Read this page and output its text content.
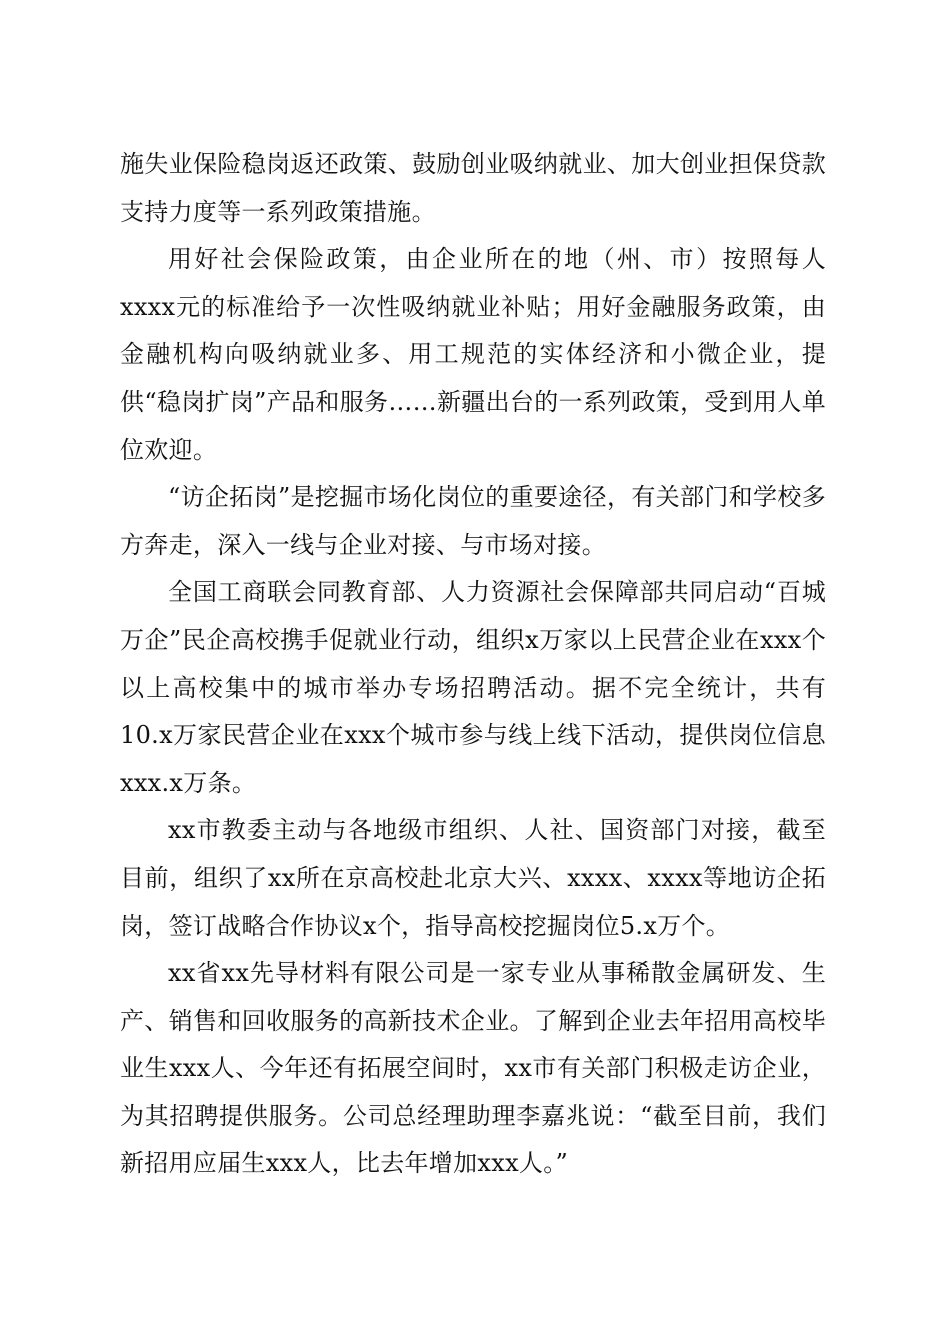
施失业保险稳岗返还政策、鼓励创业吸纳就业、加大创业担保贷款支持力度等一系列政策措施。

用好社会保险政策，由企业所在的地（州、市）按照每人xxxx元的标准给予一次性吸纳就业补贴；用好金融服务政策，由金融机构向吸纳就业多、用工规范的实体经济和小微企业，提供“稳岗扩岗”产品和服务……新疆出台的一系列政策，受到用人单位欢迎。

“访企拓岗”是挖掘市场化岗位的重要途径，有关部门和学校多方奔走，深入一线与企业对接、与市场对接。

全国工商联会同教育部、人力资源社会保障部共同启动“百城万企”民企高校携手促就业行动，组织x万家以上民营企业在xxx个以上高校集中的城市举办专场招聘活动。据不完全统计，共有10.x万家民营企业在xxx个城市参与线上线下活动，提供岗位信息xxx.x万条。

xx市教委主动与各地级市组织、人社、国资部门对接，截至目前，组织了xx所在京高校赴北京大兴、xxxx、xxxx等地访企拓岗，签订战略合作协议x个，指导高校挖掘岗位5.x万个。

xx省xx先导材料有限公司是一家专业从事稀散金属研发、生产、销售和回收服务的高新技术企业。了解到企业去年招用高校毕业生xxx人、今年还有拓展空间时，xx市有关部门积极走访企业，为其招聘提供服务。公司总经理助理李嘉兆说：“截至目前，我们新招用应届生xxx人，比去年增加xxx人。”
